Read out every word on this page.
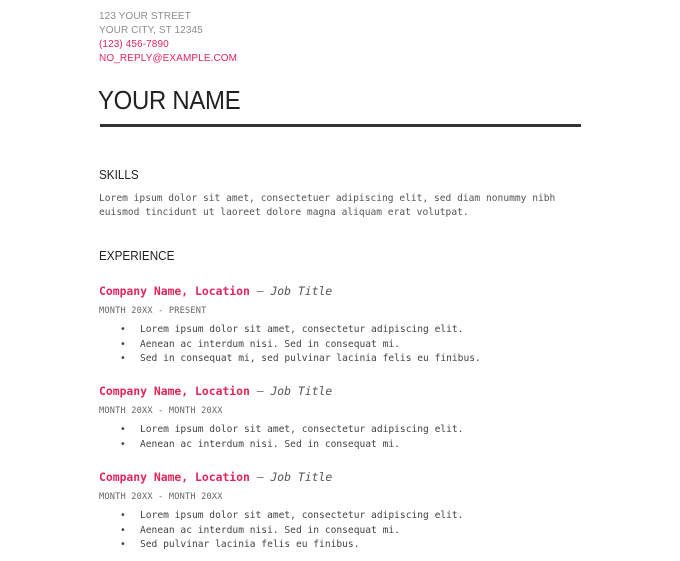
123 YOUR STREET
YOUR CITY, ST 12345
(123) 456-7890
NO_REPLY@EXAMPLE.COM
YOUR NAME
SKILLS

Lorem ipsum dolor sit amet, consectetuer adipiscing elit, sed diam nonummy nibh euismod tincidunt ut laoreet dolore magna aliquam erat volutpat.

EXPERIENCE
Company Name, Location — Job Title
MONTH 20XX - PRESENT
• Lorem ipsum dolor sit amet, consectetur adipiscing elit.
• Aenean ac interdum nisi. Sed in consequat mi.
• Sed in consequat mi, sed pulvinar lacinia felis eu finibus.
Company Name, Location — Job Title
MONTH 20XX - MONTH 20XX
• Lorem ipsum dolor sit amet, consectetur adipiscing elit.
• Aenean ac interdum nisi. Sed in consequat mi.
Company Name, Location — Job Title
MONTH 20XX - MONTH 20XX
• Lorem ipsum dolor sit amet, consectetur adipiscing elit.
• Aenean ac interdum nisi. Sed in consequat mi.
• Sed pulvinar lacinia felis eu finibus.
